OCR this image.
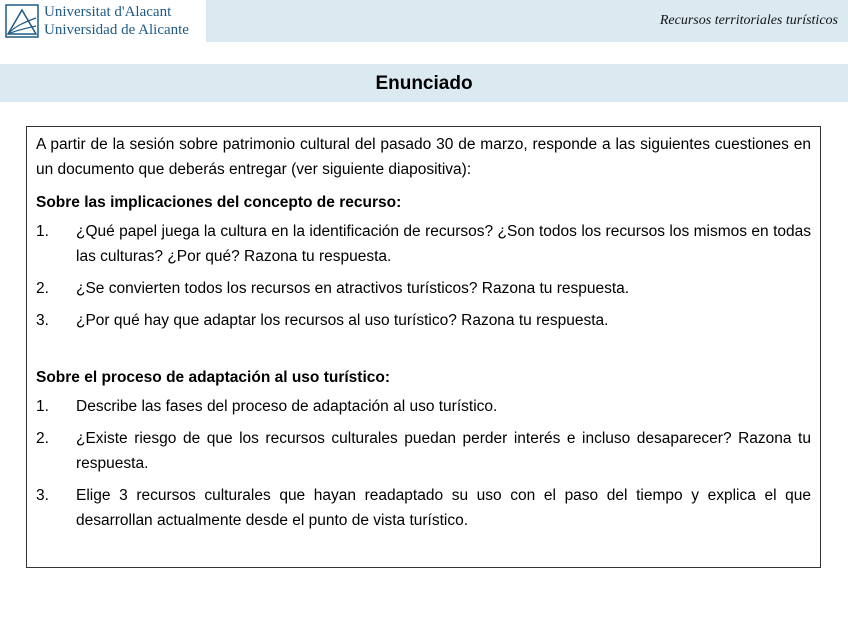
Universitat d'Alacant
Universidad de Alicante
Recursos territoriales turísticos
Enunciado

A partir de la sesión sobre patrimonio cultural del pasado 30 de marzo, responde a las siguientes cuestiones en un documento que deberás entregar (ver siguiente diapositiva):

Sobre las implicaciones del concepto de recurso:
1.	¿Qué papel juega la cultura en la identificación de recursos? ¿Son todos los recursos los mismos en todas las culturas? ¿Por qué? Razona tu respuesta.
2.	¿Se convierten todos los recursos en atractivos turísticos? Razona tu respuesta.
3.	¿Por qué hay que adaptar los recursos al uso turístico? Razona tu respuesta.
Sobre el proceso de adaptación al uso turístico:
1.	Describe las fases del proceso de adaptación al uso turístico.
2.	¿Existe riesgo de que los recursos culturales puedan perder interés e incluso desaparecer? Razona tu respuesta.
3.	Elige 3 recursos culturales que hayan readaptado su uso con el paso del tiempo y explica el que desarrollan actualmente desde el punto de vista turístico.
